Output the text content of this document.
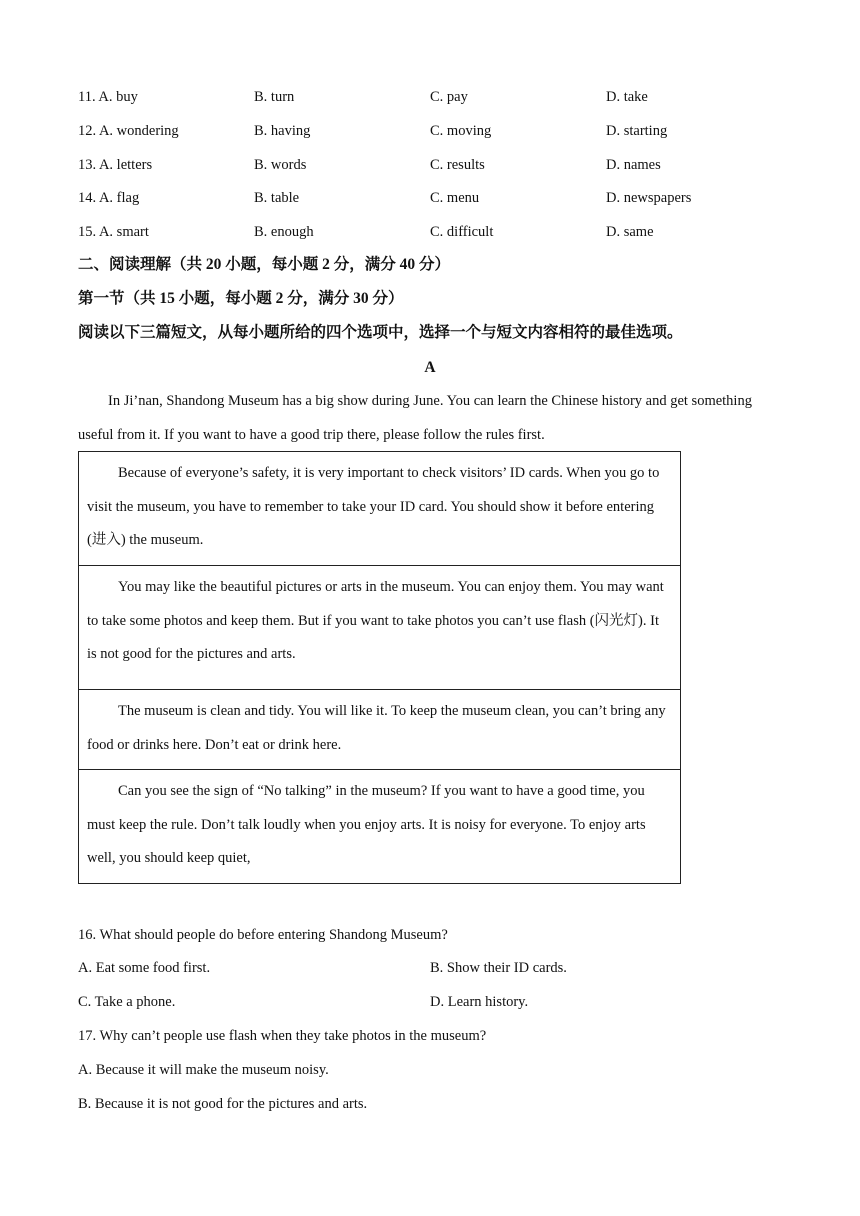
11. A. buy	B. turn	C. pay	D. take
12. A. wondering	B. having	C. moving	D. starting
13. A. letters	B. words	C. results	D. names
14. A. flag	B. table	C. menu	D. newspapers
15. A. smart	B. enough	C. difficult	D. same
二、阅读理解（共 20 小题，每小题 2 分，满分 40 分）
第一节（共 15 小题，每小题 2 分，满分 30 分）
阅读以下三篇短文，从每小题所给的四个选项中，选择一个与短文内容相符的最佳选项。
A
In Ji’nan, Shandong Museum has a big show during June. You can learn the Chinese history and get something useful from it. If you want to have a good trip there, please follow the rules first.
Because of everyone’s safety, it is very important to check visitors’ ID cards. When you go to visit the museum, you have to remember to take your ID card. You should show it before entering (进入) the museum.
You may like the beautiful pictures or arts in the museum. You can enjoy them. You may want to take some photos and keep them. But if you want to take photos you can’t use flash (闪光灯). It is not good for the pictures and arts.
The museum is clean and tidy. You will like it. To keep the museum clean, you can’t bring any food or drinks here. Don’t eat or drink here.
Can you see the sign of “No talking” in the museum? If you want to have a good time, you must keep the rule. Don’t talk loudly when you enjoy arts. It is noisy for everyone. To enjoy arts well, you should keep quiet,
16. What should people do before entering Shandong Museum?
A. Eat some food first.	B. Show their ID cards.
C. Take a phone.	D. Learn history.
17. Why can’t people use flash when they take photos in the museum?
A. Because it will make the museum noisy.
B. Because it is not good for the pictures and arts.
